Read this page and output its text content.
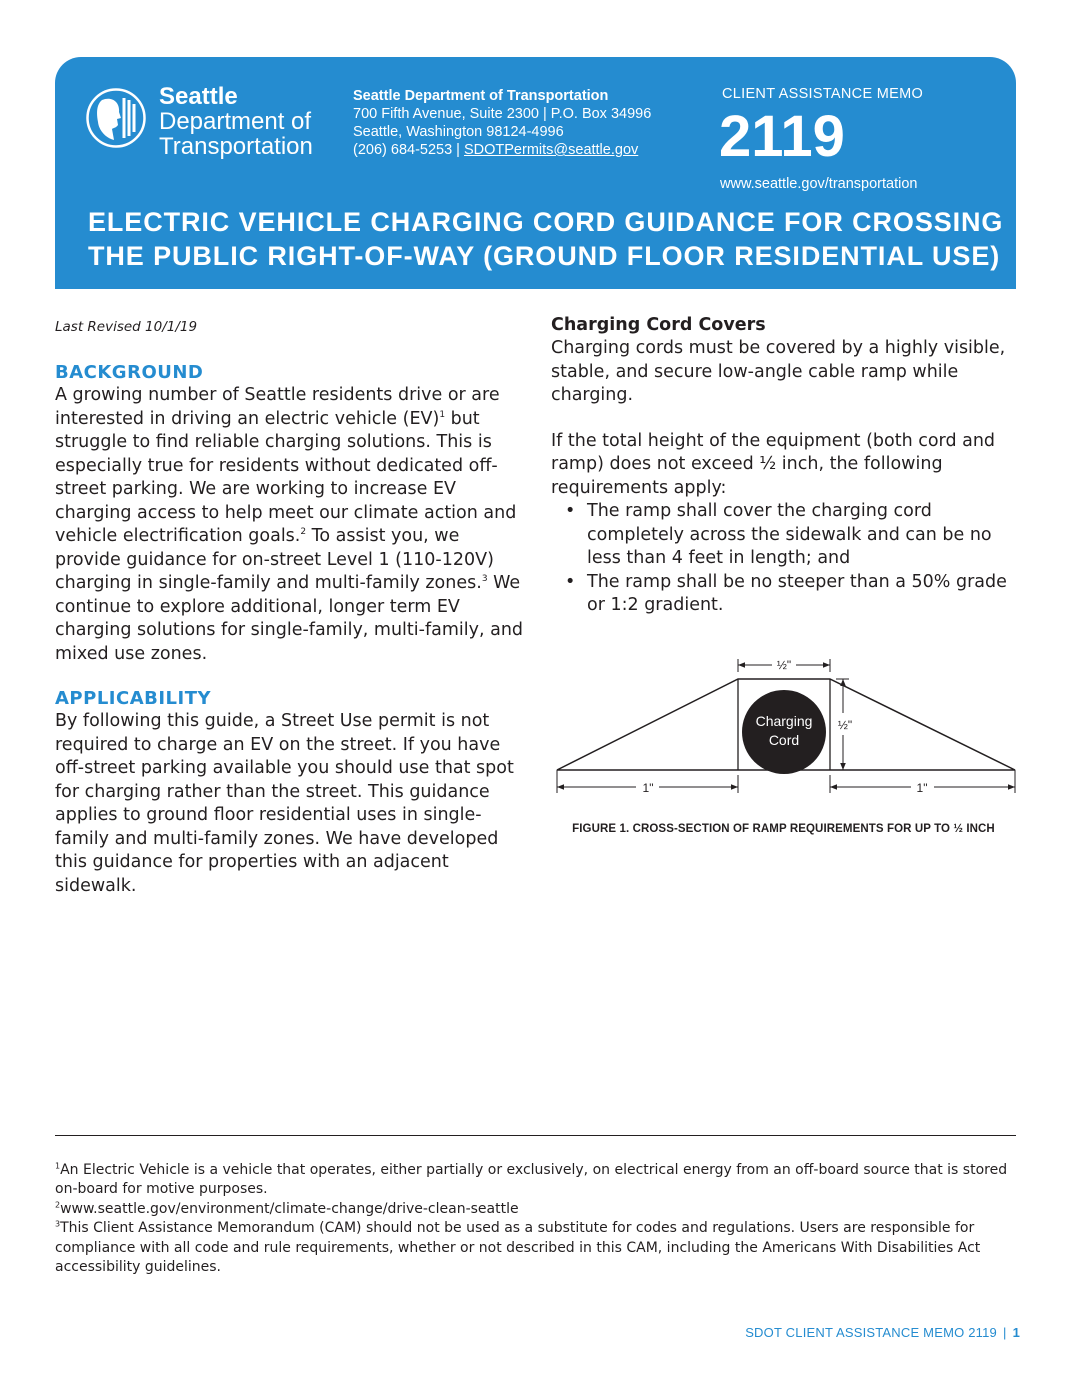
Seattle
Department of
Transportation
Seattle Department of Transportation
700 Fifth Avenue, Suite 2300 | P.O. Box 34996
Seattle, Washington 98124-4996
(206) 684-5253 | SDOTPermits@seattle.gov
CLIENT ASSISTANCE MEMO
2119
www.seattle.gov/transportation
ELECTRIC VEHICLE CHARGING CORD GUIDANCE FOR CROSSING THE PUBLIC RIGHT-OF-WAY (GROUND FLOOR RESIDENTIAL USE)

Last Revised 10/1/19

BACKGROUND

A growing number of Seattle residents drive or are interested in driving an electric vehicle (EV)$^1$ but struggle to find reliable charging solutions. This is especially true for residents without dedicated off-street parking. We are working to increase EV charging access to help meet our climate action and vehicle electrification goals.$^2$ To assist you, we provide guidance for on-street Level 1 (110-120V) charging in single-family and multi-family zones.$^3$ We continue to explore additional, longer term EV charging solutions for single-family, multi-family, and mixed use zones.

APPLICABILITY

By following this guide, a Street Use permit is not required to charge an EV on the street. If you have off-street parking available you should use that spot for charging rather than the street. This guidance applies to ground floor residential uses in single-family and multi-family zones. We have developed this guidance for properties with an adjacent sidewalk.

Charging Cord Covers

Charging cords must be covered by a highly visible, stable, and secure low-angle cable ramp while charging.

If the total height of the equipment (both cord and ramp) does not exceed ½ inch, the following requirements apply:

• The ramp shall cover the charging cord completely across the sidewalk and can be no less than 4 feet in length; and
• The ramp shall be no steeper than a 50% grade or 1:2 gradient.
Charging
Cord
½"
½"
1"	1"
FIGURE 1. CROSS-SECTION OF RAMP REQUIREMENTS FOR UP TO ½ INCH
$^1$An Electric Vehicle is a vehicle that operates, either partially or exclusively, on electrical energy from an off-board source that is stored on-board for motive purposes.
$^2$www.seattle.gov/environment/climate-change/drive-clean-seattle
$^3$This Client Assistance Memorandum (CAM) should not be used as a substitute for codes and regulations. Users are responsible for compliance with all code and rule requirements, whether or not described in this CAM, including the Americans With Disabilities Act accessibility guidelines.
SDOT CLIENT ASSISTANCE MEMO 2119 | 1
